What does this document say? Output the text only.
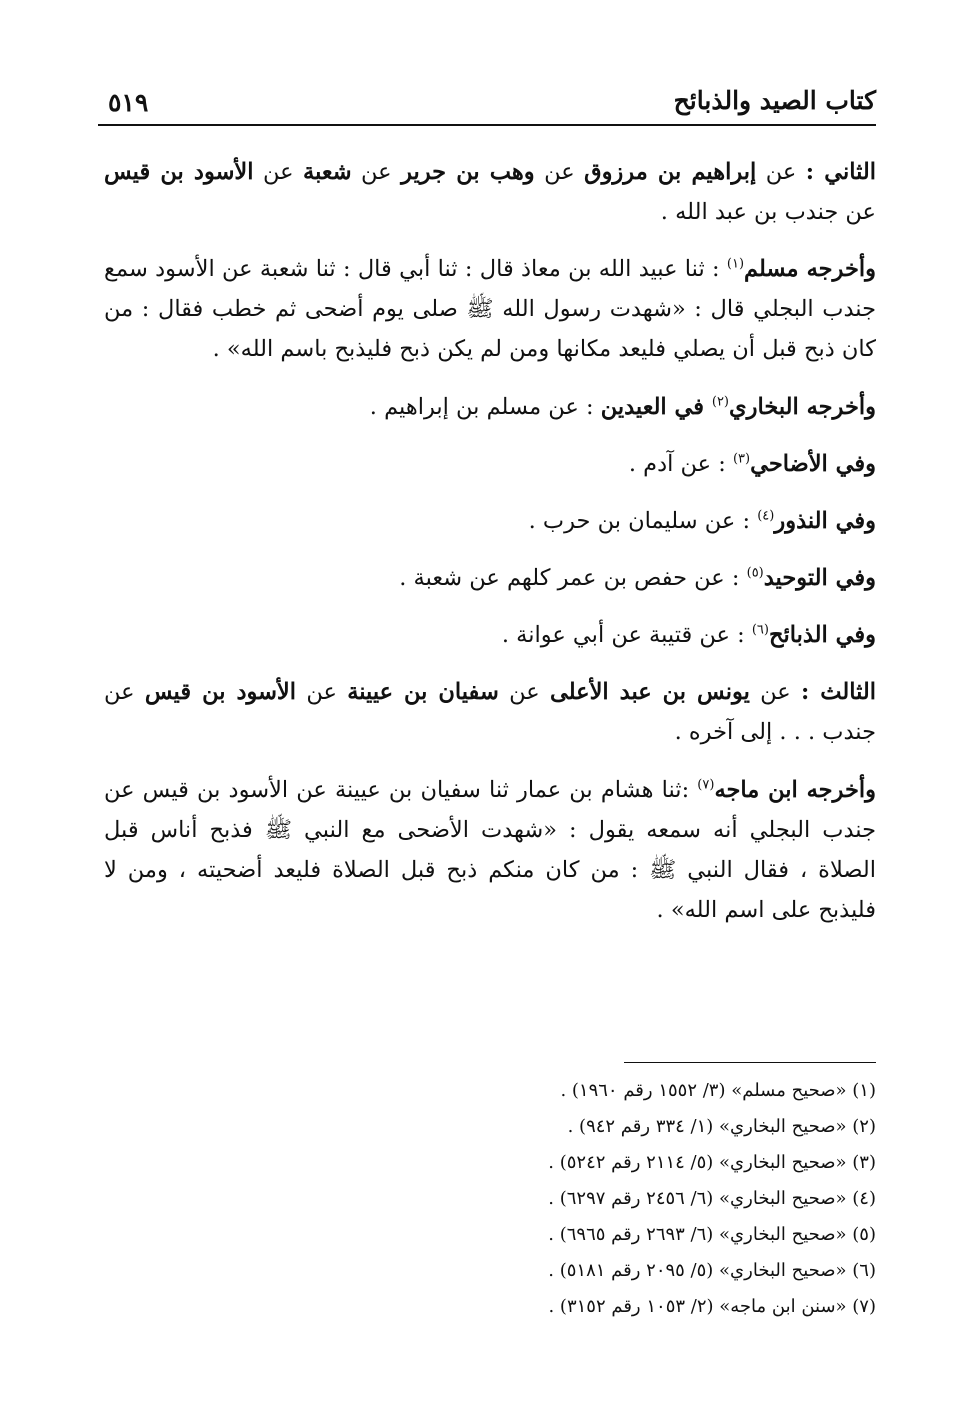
كتاب الصيد والذبائح
٥١٩

الثاني : عن إبراهيم بن مرزوق عن وهب بن جرير عن شعبة عن الأسود بن قيس عن جندب بن عبد الله .

وأخرجه مسلم$^{(١)}$ : ثنا عبيد الله بن معاذ قال : ثنا أبي قال : ثنا شعبة عن الأسود سمع جندب البجلي قال : «شهدت رسول الله ﷺ صلى يوم أضحى ثم خطب فقال : من كان ذبح قبل أن يصلي فليعد مكانها ومن لم يكن ذبح فليذبح باسم الله» .

وأخرجه البخاري$^{(٢)}$ في العيدين : عن مسلم بن إبراهيم .

وفي الأضاحي$^{(٣)}$ : عن آدم .

وفي النذور$^{(٤)}$ : عن سليمان بن حرب .

وفي التوحيد$^{(٥)}$ : عن حفص بن عمر كلهم عن شعبة .

وفي الذبائح$^{(٦)}$ : عن قتيبة عن أبي عوانة .

الثالث : عن يونس بن عبد الأعلى عن سفيان بن عيينة عن الأسود بن قيس عن جندب . . . إلى آخره .

وأخرجه ابن ماجه$^{(٧)}$ :ثنا هشام بن عمار ثنا سفيان بن عيينة عن الأسود بن قيس عن جندب البجلي أنه سمعه يقول : «شهدت الأضحى مع النبي ﷺ فذبح أناس قبل الصلاة ، فقال النبي ﷺ : من كان منكم ذبح قبل الصلاة فليعد أضحيته ، ومن لا فليذبح على اسم الله» .

(١) «صحيح مسلم» (٣/ ١٥٥٢ رقم ١٩٦٠) .
(٢) «صحيح البخاري» (١/ ٣٣٤ رقم ٩٤٢) .
(٣) «صحيح البخاري» (٥/ ٢١١٤ رقم ٥٢٤٢) .
(٤) «صحيح البخاري» (٦/ ٢٤٥٦ رقم ٦٢٩٧) .
(٥) «صحيح البخاري» (٦/ ٢٦٩٣ رقم ٦٩٦٥) .
(٦) «صحيح البخاري» (٥/ ٢٠٩٥ رقم ٥١٨١) .
(٧) «سنن ابن ماجه» (٢/ ١٠٥٣ رقم ٣١٥٢) .
